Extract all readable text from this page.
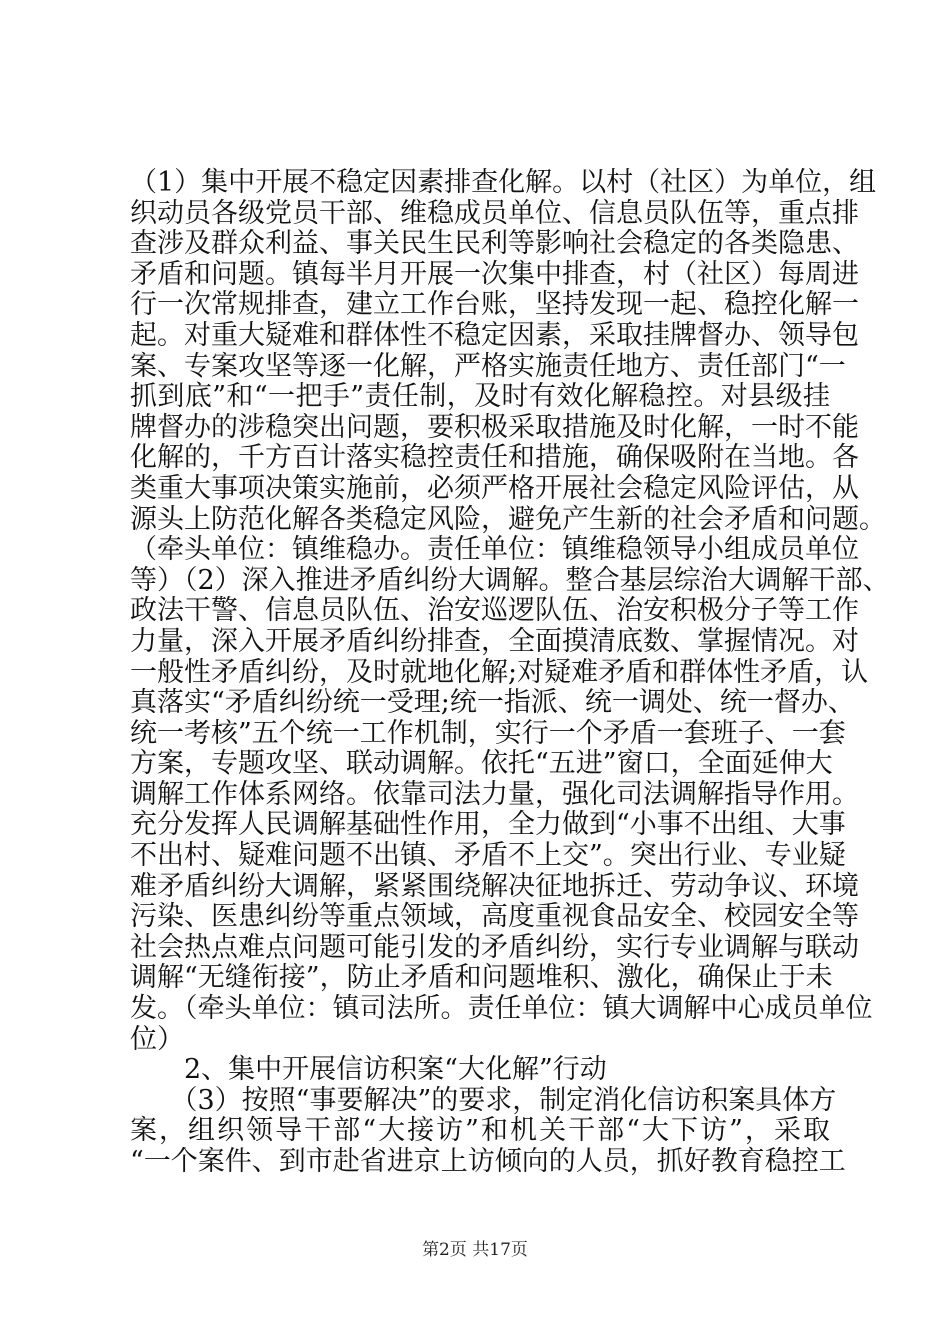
（1）集中开展不稳定因素排查化解。以村（社区）为单位，组
织动员各级党员干部、维稳成员单位、信息员队伍等，重点排
查涉及群众利益、事关民生民利等影响社会稳定的各类隐患、
矛盾和问题。镇每半月开展一次集中排查，村（社区）每周进
行一次常规排查，建立工作台账，坚持发现一起、稳控化解一
起。对重大疑难和群体性不稳定因素，采取挂牌督办、领导包
案、专案攻坚等逐一化解，严格实施责任地方、责任部门“一
抓到底”和“一把手”责任制，及时有效化解稳控。对县级挂
牌督办的涉稳突出问题，要积极采取措施及时化解，一时不能
化解的，千方百计落实稳控责任和措施，确保吸附在当地。各
类重大事项决策实施前，必须严格开展社会稳定风险评估，从
源头上防范化解各类稳定风险，避免产生新的社会矛盾和问题。
（牵头单位：镇维稳办。责任单位：镇维稳领导小组成员单位
等）（2）深入推进矛盾纠纷大调解。整合基层综治大调解干部、
政法干警、信息员队伍、治安巡逻队伍、治安积极分子等工作
力量，深入开展矛盾纠纷排查，全面摸清底数、掌握情况。对
一般性矛盾纠纷，及时就地化解;对疑难矛盾和群体性矛盾，认
真落实“矛盾纠纷统一受理;统一指派、统一调处、统一督办、
统一考核”五个统一工作机制，实行一个矛盾一套班子、一套
方案，专题攻坚、联动调解。依托“五进”窗口，全面延伸大
调解工作体系网络。依靠司法力量，强化司法调解指导作用。
充分发挥人民调解基础性作用，全力做到“小事不出组、大事
不出村、疑难问题不出镇、矛盾不上交”。突出行业、专业疑
难矛盾纠纷大调解，紧紧围绕解决征地拆迁、劳动争议、环境
污染、医患纠纷等重点领域，高度重视食品安全、校园安全等
社会热点难点问题可能引发的矛盾纠纷，实行专业调解与联动
调解“无缝衔接”，防止矛盾和问题堆积、激化，确保止于未
发。（牵头单位：镇司法所。责任单位：镇大调解中心成员单位
位）
　　2、集中开展信访积案“大化解”行动
　　（3）按照“事要解决”的要求，制定消化信访积案具体方
案，组织领导干部“大接访”和机关干部“大下访”，采取
“一个案件、到市赴省进京上访倾向的人员，抓好教育稳控工
第2页 共17页
